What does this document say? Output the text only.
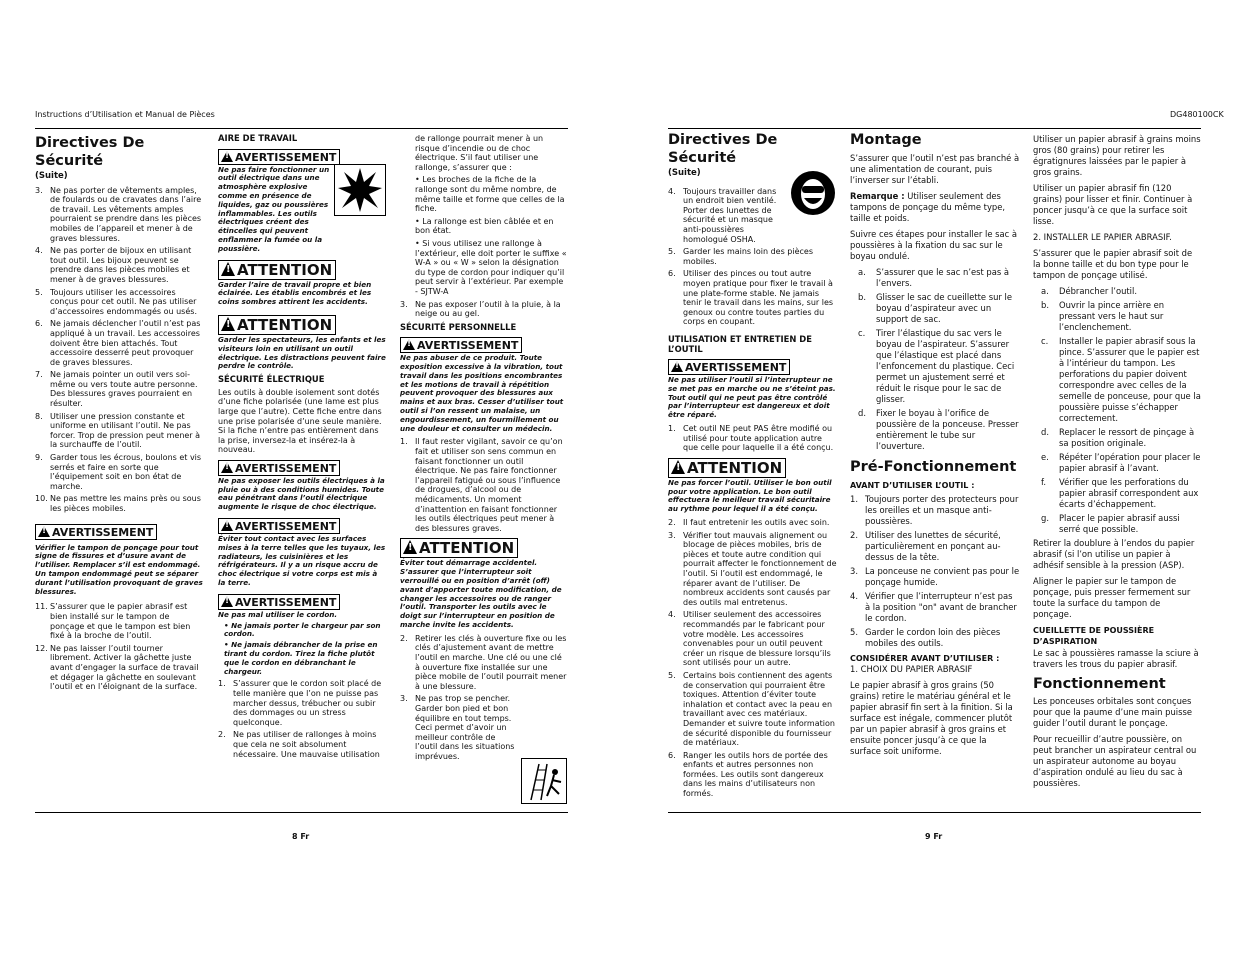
Instructions d’Utilisation et Manual de Pièces	DG480100CK
8 Fr	9 Fr
Directives De Sécurité
(Suite)
3. Ne pas porter de vêtements amples, de foulards ou de cravates dans l’aire de travail. Les vêtements amples pourraient se prendre dans les pièces mobiles de l’appareil et mener à de graves blessures.
4. Ne pas porter de bijoux en utilisant tout outil. Les bijoux peuvent se prendre dans les pièces mobiles et mener à de graves blessures.
5. Toujours utiliser les accessoires conçus pour cet outil. Ne pas utiliser d’accessoires endommagés ou usés.
6. Ne jamais déclencher l’outil n’est pas appliqué à un travail. Les accessoires doivent être bien attachés. Tout accessoire desserré peut provoquer de graves blessures.
7. Ne jamais pointer un outil vers soi-même ou vers toute autre personne. Des blessures graves pourraient en résulter.
8. Utiliser une pression constante et uniforme en utilisant l’outil. Ne pas forcer. Trop de pression peut mener à la surchauffe de l’outil.
9. Garder tous les écrous, boulons et vis serrés et faire en sorte que l’équipement soit en bon état de marche.
10. Ne pas mettre les mains près ou sous les pièces mobiles.
!AVERTISSEMENT
Vérifier le tampon de ponçage pour tout signe de fissures et d’usure avant de l’utiliser. Remplacer s’il est endommagé. Un tampon endommagé peut se séparer durant l’utilisation provoquant de graves blessures.
11. S’assurer que le papier abrasif est bien installé sur le tampon de ponçage et que le tampon est bien fixé à la broche de l’outil.
12. Ne pas laisser l’outil tourner librement. Activer la gâchette juste avant d’engager la surface de travail et dégager la gâchette en soulevant l’outil et en l’éloignant de la surface.
AIRE DE TRAVAIL
!AVERTISSEMENT
Ne pas faire fonctionner un outil électrique dans une atmosphère explosive comme en présence de liquides, gaz ou poussières inflammables. Les outils électriques créent des étincelles qui peuvent enflammer la fumée ou la poussière.
!ATTENTION
Garder l’aire de travail propre et bien éclairée. Les établis encombrés et les coins sombres attirent les accidents.
!ATTENTION
Garder les spectateurs, les enfants et les visiteurs loin en utilisant un outil électrique. Les distractions peuvent faire perdre le contrôle.
SÉCURITÉ ÉLECTRIQUE

Les outils à double isolement sont dotés d’une fiche polarisée (une lame est plus large que l’autre). Cette fiche entre dans une prise polarisée d’une seule manière. Si la fiche n’entre pas entièrement dans la prise, inversez-la et insérez-la à nouveau.

!AVERTISSEMENT
Ne pas exposer les outils électriques à la pluie ou à des conditions humides. Toute eau pénétrant dans l’outil électrique augmente le risque de choc électrique.
!AVERTISSEMENT
Éviter tout contact avec les surfaces mises à la terre telles que les tuyaux, les radiateurs, les cuisinières et les réfrigérateurs. Il y a un risque accru de choc électrique si votre corps est mis à la terre.
!AVERTISSEMENT
Ne pas mal utiliser le cordon.
• Ne jamais porter le chargeur par son cordon.
• Ne jamais débrancher de la prise en tirant du cordon. Tirez la fiche plutôt que le cordon en débranchant le chargeur.
1. S’assurer que le cordon soit placé de telle manière que l’on ne puisse pas marcher dessus, trébucher ou subir des dommages ou un stress quelconque.
2. Ne pas utiliser de rallonges à moins que cela ne soit absolument nécessaire. Une mauvaise utilisation

de rallonge pourrait mener à un risque d’incendie ou de choc électrique. S’il faut utiliser une rallonge, s’assurer que :

• Les broches de la fiche de la rallonge sont du même nombre, de même taille et forme que celles de la fiche.
• La rallonge est bien câblée et en bon état.
• Si vous utilisez une rallonge à l’extérieur, elle doit porter le suffixe « W-A » ou « W » selon la désignation du type de cordon pour indiquer qu’il peut servir à l’extérieur. Par exemple - SJTW-A
3. Ne pas exposer l’outil à la pluie, à la neige ou au gel.
SÉCURITÉ PERSONNELLE
!AVERTISSEMENT
Ne pas abuser de ce produit. Toute exposition excessive à la vibration, tout travail dans les positions encombrantes et les motions de travail à répétition peuvent provoquer des blessures aux mains et aux bras. Cesser d’utiliser tout outil si l’on ressent un malaise, un engourdissement, un fourmillement ou une douleur et consulter un médecin.
1. Il faut rester vigilant, savoir ce qu’on fait et utiliser son sens commun en faisant fonctionner un outil électrique. Ne pas faire fonctionner l’appareil fatigué ou sous l’influence de drogues, d’alcool ou de médicaments. Un moment d’inattention en faisant fonctionner les outils électriques peut mener à des blessures graves.
!ATTENTION
Éviter tout démarrage accidentel. S’assurer que l’interrupteur soit verrouillé ou en position d’arrêt (off) avant d’apporter toute modification, de changer les accessoires ou de ranger l’outil. Transporter les outils avec le doigt sur l’interrupteur en position de marche invite les accidents.
2. Retirer les clés à ouverture fixe ou les clés d’ajustement avant de mettre l’outil en marche. Une clé ou une clé à ouverture fixe installée sur une pièce mobile de l’outil pourrait mener à une blessure.
3. Ne pas trop se pencher. Garder bon pied et bon équilibre en tout temps. Ceci permet d’avoir un meilleur contrôle de l’outil dans les situations imprévues.
Directives De Sécurité
(Suite)
4. Toujours travailler dans un endroit bien ventilé. Porter des lunettes de sécurité et un masque anti-poussières homologué OSHA.
5. Garder les mains loin des pièces mobiles.
6. Utiliser des pinces ou tout autre moyen pratique pour fixer le travail à une plate-forme stable. Ne jamais tenir le travail dans les mains, sur les genoux ou contre toutes parties du corps en coupant.
UTILISATION ET ENTRETIEN DE L’OUTIL
!AVERTISSEMENT
Ne pas utiliser l’outil si l’interrupteur ne se met pas en marche ou ne s’éteint pas. Tout outil qui ne peut pas être contrôlé par l’interrupteur est dangereux et doit être réparé.
1. Cet outil NE peut PAS être modifié ou utilisé pour toute application autre que celle pour laquelle il a été conçu.
!ATTENTION
Ne pas forcer l’outil. Utiliser le bon outil pour votre application. Le bon outil effectuera le meilleur travail sécuritaire au rythme pour lequel il a été conçu.
2. Il faut entretenir les outils avec soin.
3. Vérifier tout mauvais alignement ou blocage de pièces mobiles, bris de pièces et toute autre condition qui pourrait affecter le fonctionnement de l’outil. Si l’outil est endommagé, le réparer avant de l’utiliser. De nombreux accidents sont causés par des outils mal entretenus.
4. Utiliser seulement des accessoires recommandés par le fabricant pour votre modèle. Les accessoires convenables pour un outil peuvent créer un risque de blessure lorsqu’ils sont utilisés pour un autre.
5. Certains bois contiennent des agents de conservation qui pourraient être toxiques. Attention d’éviter toute inhalation et contact avec la peau en travaillant avec ces matériaux. Demander et suivre toute information de sécurité disponible du fournisseur de matériaux.
6. Ranger les outils hors de portée des enfants et autres personnes non formées. Les outils sont dangereux dans les mains d’utilisateurs non formés.
Montage

S’assurer que l’outil n’est pas branché à une alimentation de courant, puis l’inverser sur l’établi.

Remarque : Utiliser seulement des tampons de ponçage du même type, taille et poids.

Suivre ces étapes pour installer le sac à poussières à la fixation du sac sur le boyau ondulé.

a. S’assurer que le sac n’est pas à l’envers.
b. Glisser le sac de cueillette sur le boyau d’aspirateur avec un support de sac.
c. Tirer l’élastique du sac vers le boyau de l’aspirateur. S’assurer que l’élastique est placé dans l’enfoncement du plastique. Ceci permet un ajustement serré et réduit le risque pour le sac de glisser.
d. Fixer le boyau à l’orifice de poussière de la ponceuse. Presser entièrement le tube sur l’ouverture.
Pré-Fonctionnement
AVANT D’UTILISER L’OUTIL :
1. Toujours porter des protecteurs pour les oreilles et un masque anti-poussières.
2. Utiliser des lunettes de sécurité, particulièrement en ponçant au-dessus de la tête.
3. La ponceuse ne convient pas pour le ponçage humide.
4. Vérifier que l’interrupteur n’est pas à la position "on" avant de brancher le cordon.
5. Garder le cordon loin des pièces mobiles des outils.
CONSIDÉRER AVANT D’UTILISER :

1. CHOIX DU PAPIER ABRASIF

Le papier abrasif à gros grains (50 grains) retire le matériau général et le papier abrasif fin sert à la finition. Si la surface est inégale, commencer plutôt par un papier abrasif à gros grains et ensuite poncer jusqu’à ce que la surface soit uniforme.

Utiliser un papier abrasif à grains moins gros (80 grains) pour retirer les égratignures laissées par le papier à gros grains.

Utiliser un papier abrasif fin (120 grains) pour lisser et finir. Continuer à poncer jusqu’à ce que la surface soit lisse.

2. INSTALLER LE PAPIER ABRASIF.

S’assurer que le papier abrasif soit de la bonne taille et du bon type pour le tampon de ponçage utilisé.

a. Débrancher l’outil.
b. Ouvrir la pince arrière en pressant vers le haut sur l’enclenchement.
c. Installer le papier abrasif sous la pince. S’assurer que le papier est à l’intérieur du tampon. Les perforations du papier doivent correspondre avec celles de la semelle de ponceuse, pour que la poussière puisse s’échapper correctement.
d. Replacer le ressort de pinçage à sa position originale.
e. Répéter l’opération pour placer le papier abrasif à l’avant.
f. Vérifier que les perforations du papier abrasif correspondent aux écarts d’échappement.
g. Placer le papier abrasif aussi serré que possible.

Retirer la doublure à l’endos du papier abrasif (si l’on utilise un papier à adhésif sensible à la pression (ASP).

Aligner le papier sur le tampon de ponçage, puis presser fermement sur toute la surface du tampon de ponçage.

CUEILLETTE DE POUSSIÈRE D’ASPIRATION

Le sac à poussières ramasse la sciure à travers les trous du papier abrasif.

Fonctionnement

Les ponceuses orbitales sont conçues pour que la paume d’une main puisse guider l’outil durant le ponçage.

Pour recueillir d’autre poussière, on peut brancher un aspirateur central ou un aspirateur autonome au boyau d’aspiration ondulé au lieu du sac à poussières.
